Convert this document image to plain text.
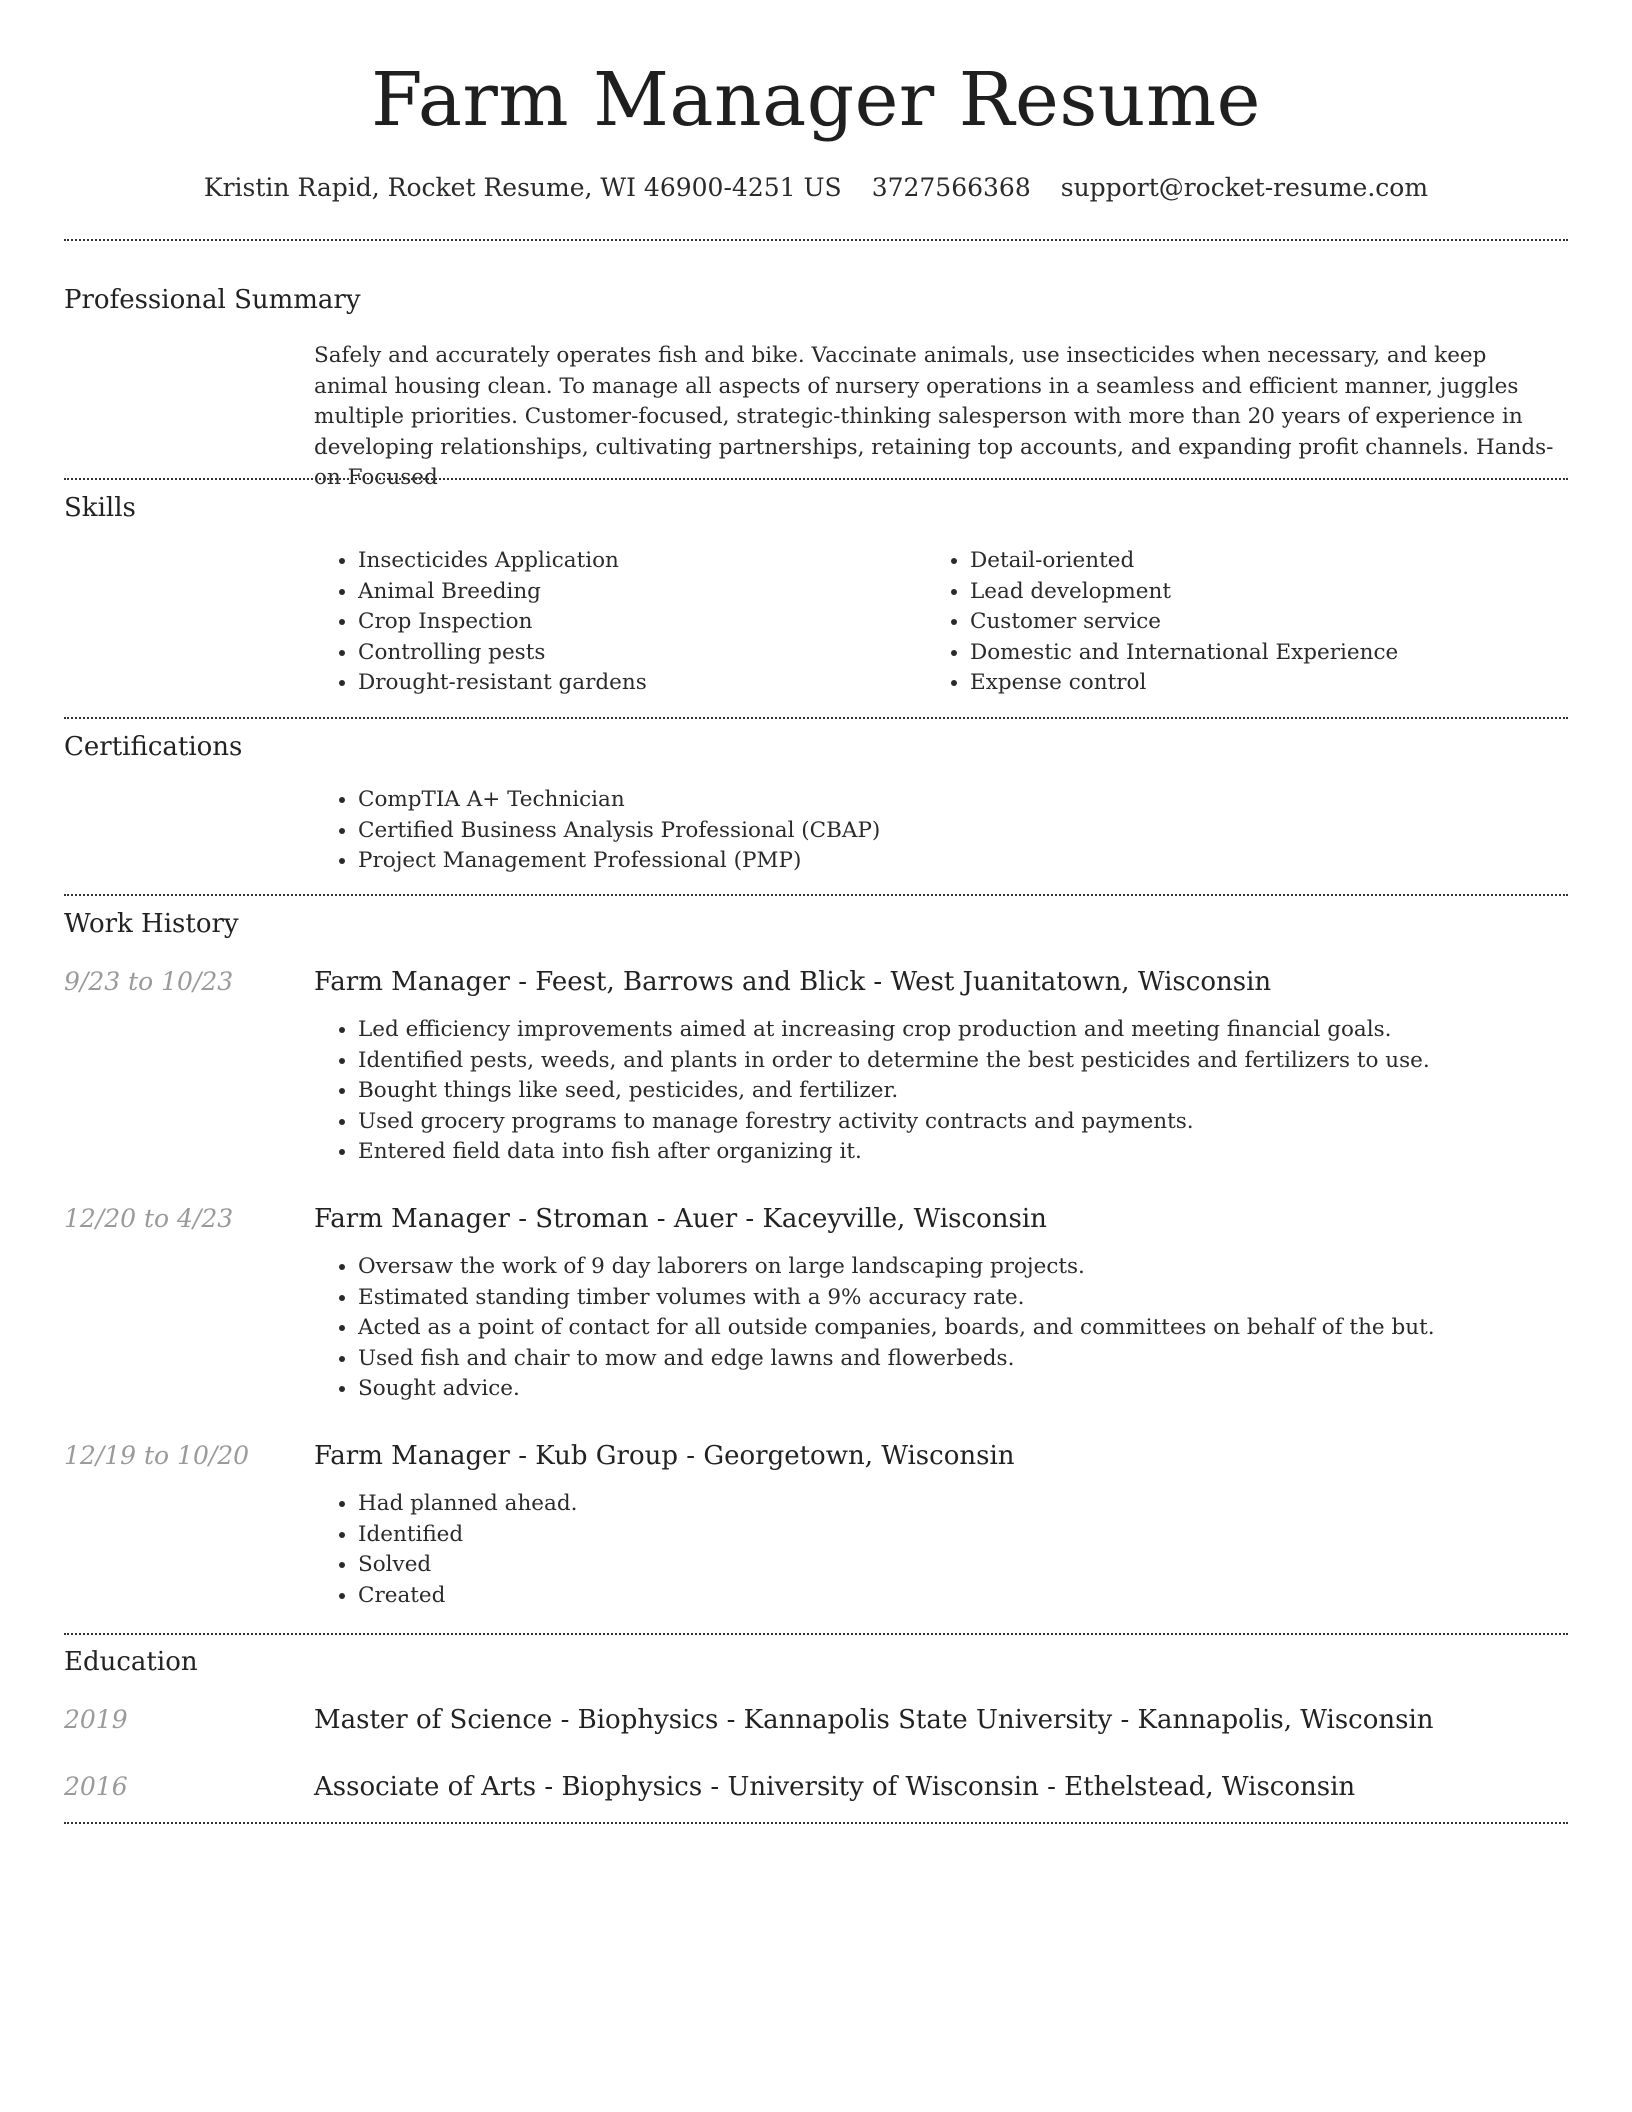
Farm Manager Resume
Kristin Rapid, Rocket Resume, WI 46900-4251 US 3727566368 support@rocket-resume.com
Professional Summary

Safely and accurately operates fish and bike. Vaccinate animals, use insecticides when necessary, and keep animal housing clean. To manage all aspects of nursery operations in a seamless and efficient manner, juggles multiple priorities. Customer-focused, strategic-thinking salesperson with more than 20 years of experience in developing relationships, cultivating partnerships, retaining top accounts, and expanding profit channels. Hands-on Focused

Skills
• Insecticides Application
• Animal Breeding
• Crop Inspection
• Controlling pests
• Drought-resistant gardens
• Detail-oriented
• Lead development
• Customer service
• Domestic and International Experience
• Expense control
Certifications
• CompTIA A+ Technician
• Certified Business Analysis Professional (CBAP)
• Project Management Professional (PMP)
Work History
9/23 to 10/23	Farm Manager - Feest, Barrows and Blick - West Juanitatown, Wisconsin
• Led efficiency improvements aimed at increasing crop production and meeting financial goals.
• Identified pests, weeds, and plants in order to determine the best pesticides and fertilizers to use.
• Bought things like seed, pesticides, and fertilizer.
• Used grocery programs to manage forestry activity contracts and payments.
• Entered field data into fish after organizing it.
12/20 to 4/23	Farm Manager - Stroman - Auer - Kaceyville, Wisconsin
• Oversaw the work of 9 day laborers on large landscaping projects.
• Estimated standing timber volumes with a 9% accuracy rate.
• Acted as a point of contact for all outside companies, boards, and committees on behalf of the but.
• Used fish and chair to mow and edge lawns and flowerbeds.
• Sought advice.
12/19 to 10/20 Farm Manager - Kub Group - Georgetown, Wisconsin
• Had planned ahead.
• Identified
• Solved
• Created
Education
2019	Master of Science - Biophysics - Kannapolis State University - Kannapolis, Wisconsin
2016	Associate of Arts - Biophysics - University of Wisconsin - Ethelstead, Wisconsin
